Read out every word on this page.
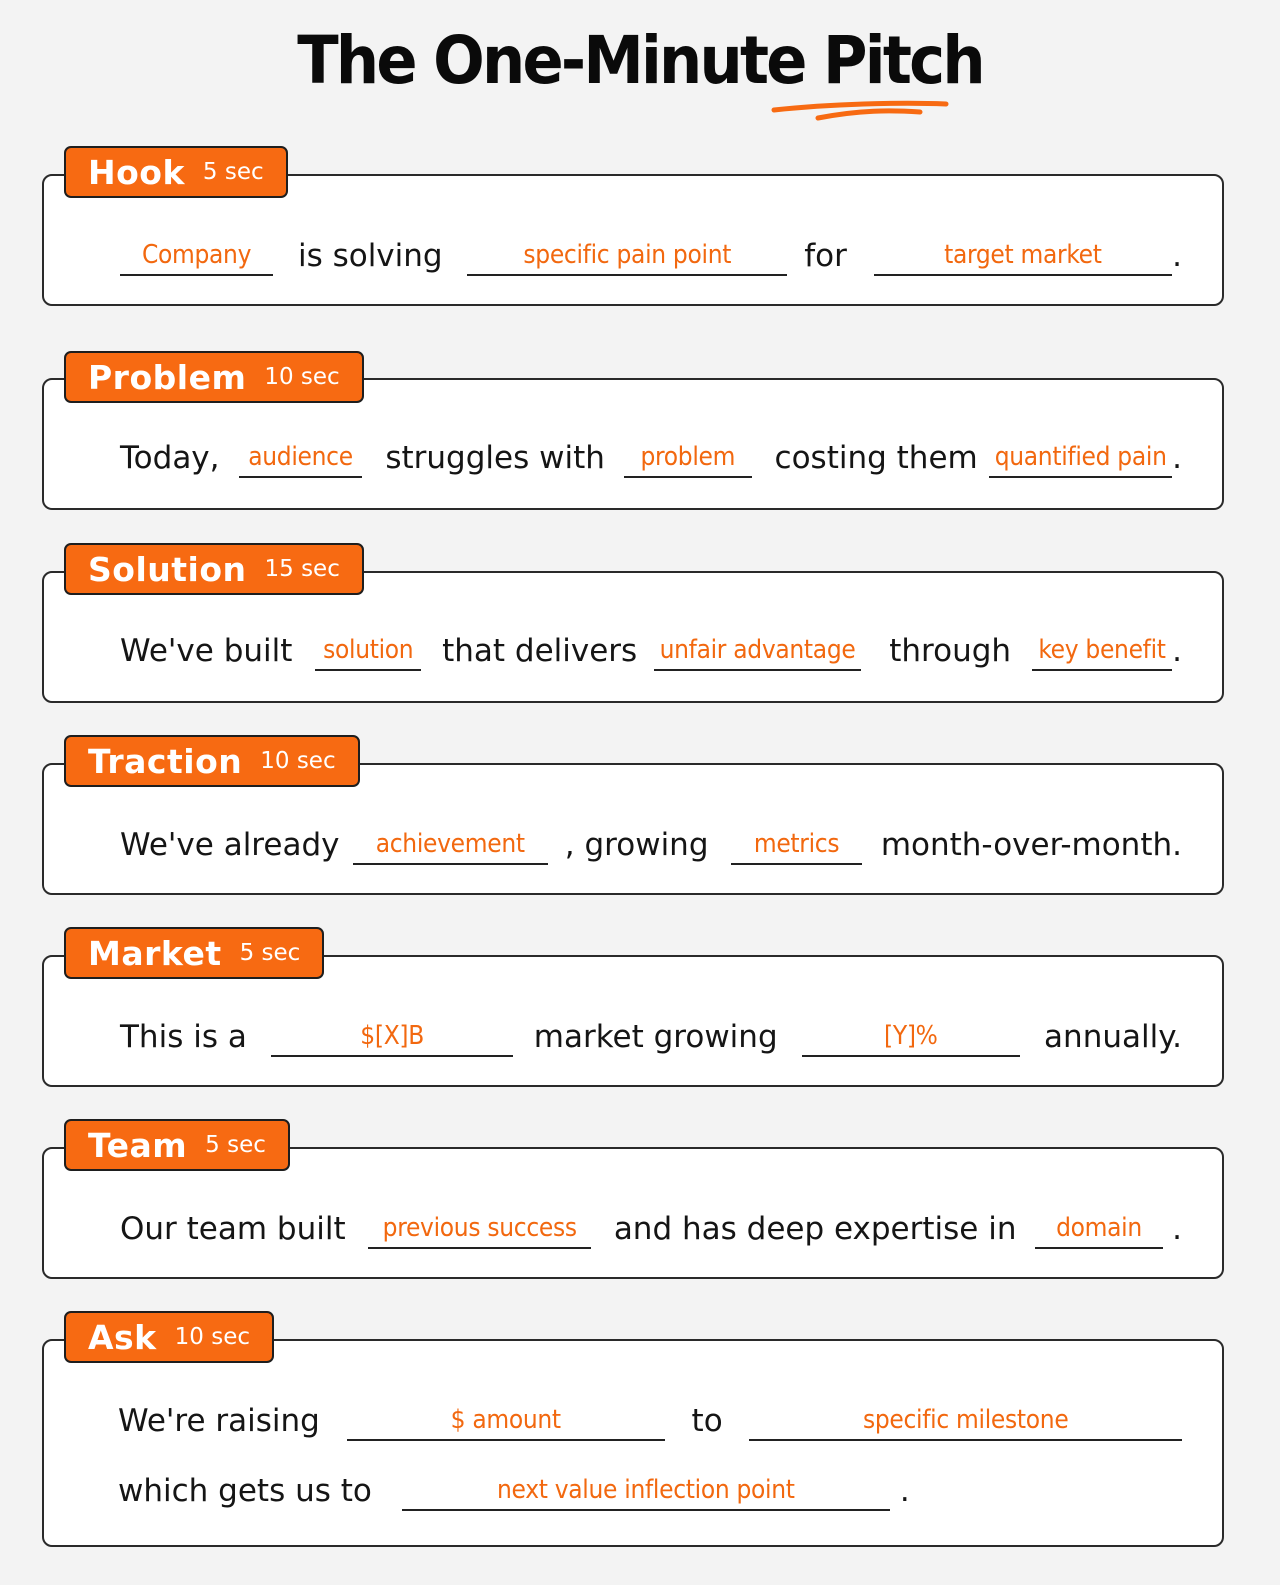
The One-Minute Pitch
Company	is solving	specific pain point	for	target market	.
Hook 5 sec
Today,	audience	struggles with	problem	costing them quantified pain .
Problem 10 sec
We've built	solution that delivers unfair advantage through key benefit .
Solution 15 sec
We've already	achievement	, growing	metrics	month-over-month.
Traction 10 sec
This is a	$[X]B	market growing	[Y]%	annually.
Market 5 sec
Our team built	previous success	and has deep expertise in	domain .
Team 5 sec
We're raising	$ amount	to	specific milestone
which gets us to	next value inflection point	.
Ask 10 sec
